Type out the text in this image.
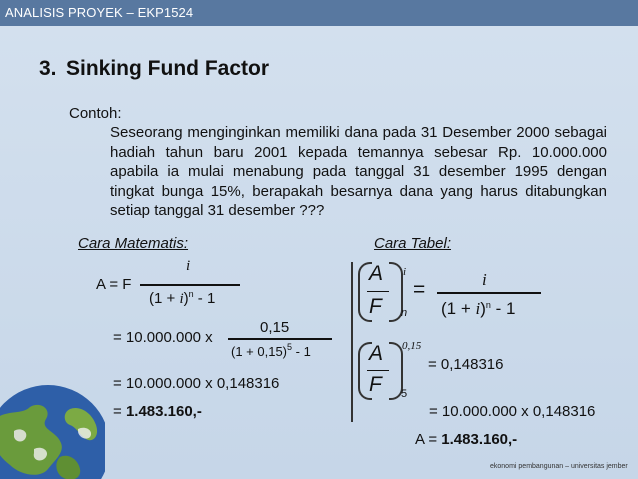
ANALISIS PROYEK – EKP1524
3. Sinking Fund Factor
Contoh:
Seseorang menginginkan memiliki dana pada 31 Desember 2000 sebagai hadiah tahun baru 2001 kepada temannya sebesar Rp. 10.000.000 apabila ia mulai menabung pada tanggal 31 desember 1995 dengan tingkat bunga 15%, berapakah besarnya dana yang harus ditabungkan setiap tanggal 31 desember ???
Cara Matematis:
A = F
i
$(1 + i)^n - 1$
= 10.000.000 x
0,15
$(1 + 0,15)^5 - 1$
= 10.000.000 x 0,148316
= 1.483.160,-
Cara Tabel:
A
F
i
n
=	i
$(1 + i)^n - 1$
A
F
0,15
5
= 0,148316
= 10.000.000 x 0,148316
A = 1.483.160,-
ekonomi pembangunan – universitas jember
